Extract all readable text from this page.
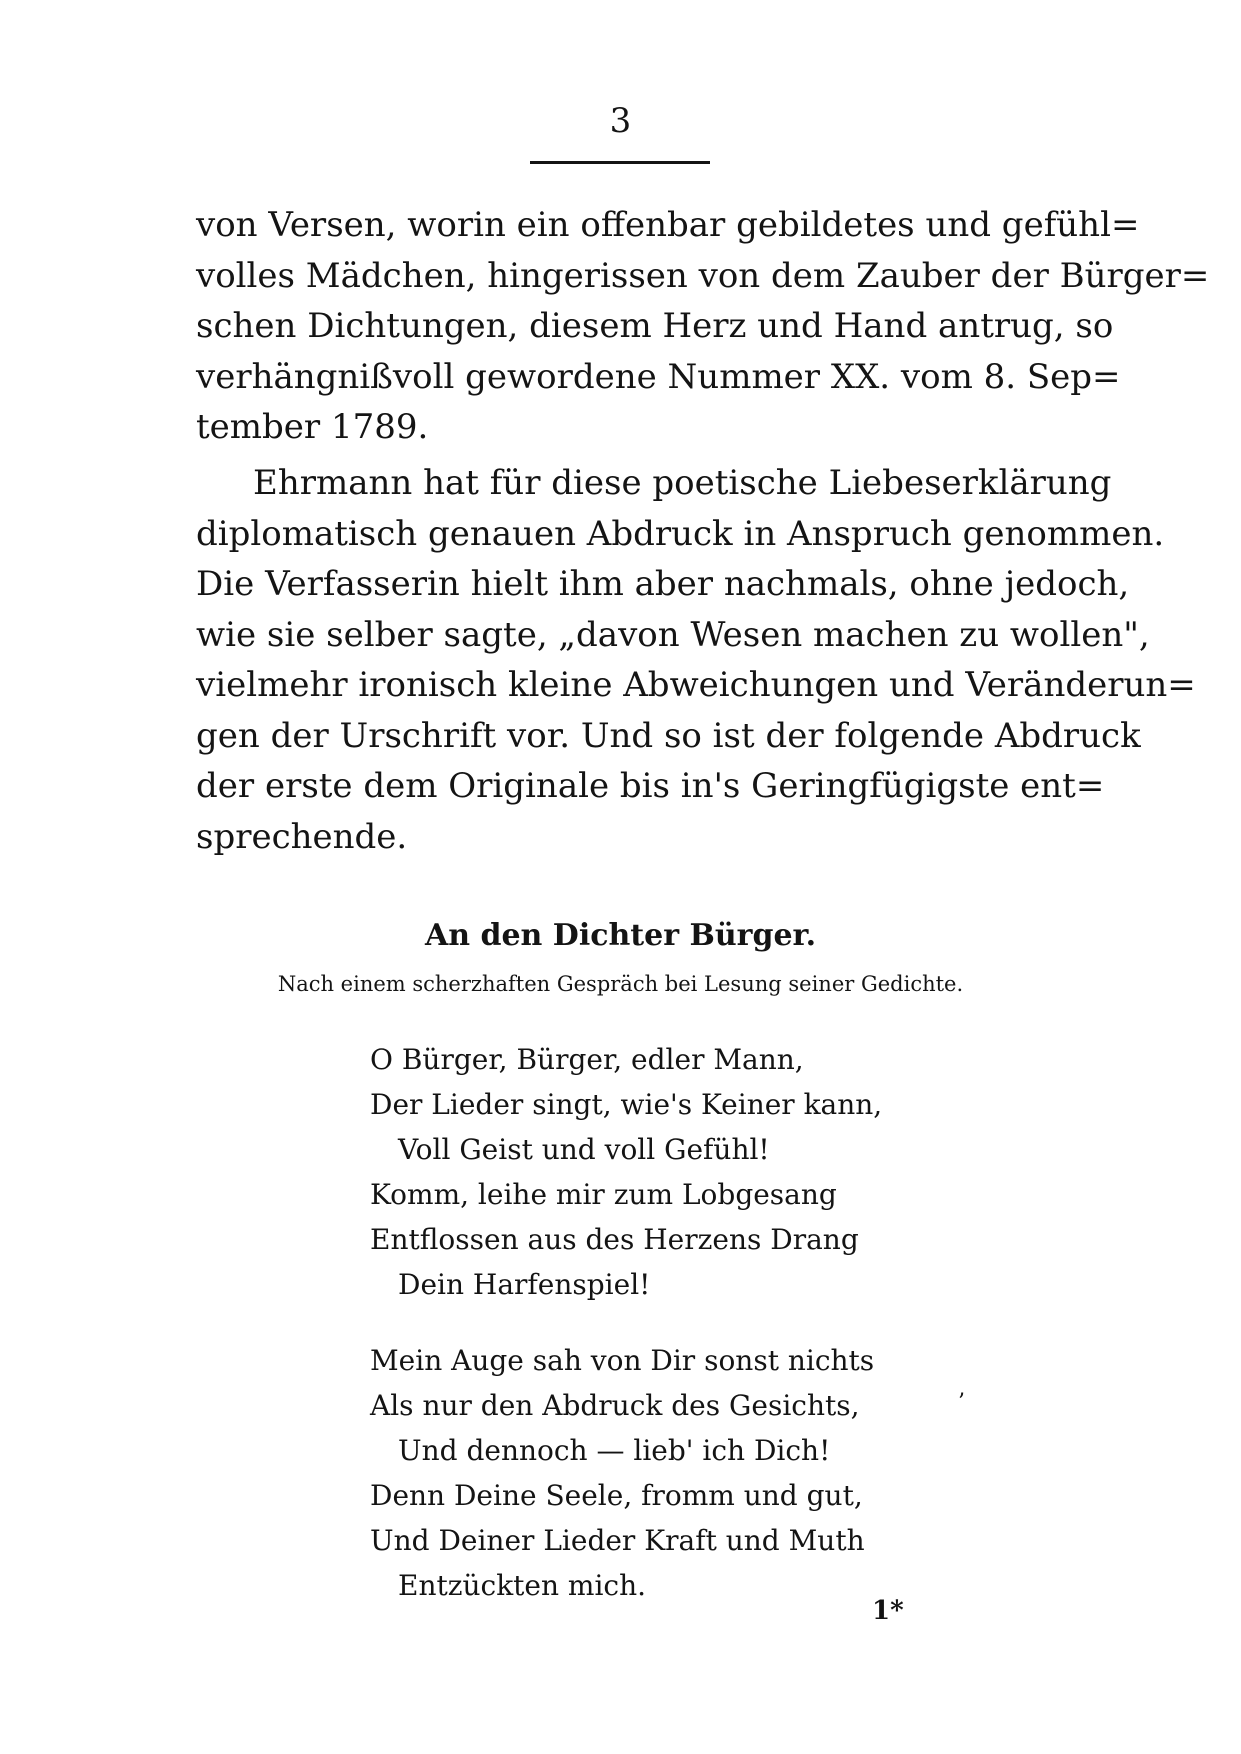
3

von Versen, worin ein offenbar gebildetes und gefühl=
volles Mädchen, hingerissen von dem Zauber der Bürger=
schen Dichtungen, diesem Herz und Hand antrug, so
verhängnißvoll gewordene Nummer XX. vom 8. Sep=
tember 1789.

Ehrmann hat für diese poetische Liebeserklärung
diplomatisch genauen Abdruck in Anspruch genommen.
Die Verfasserin hielt ihm aber nachmals, ohne jedoch,
wie sie selber sagte, „davon Wesen machen zu wollen",
vielmehr ironisch kleine Abweichungen und Veränderun=
gen der Urschrift vor. Und so ist der folgende Abdruck
der erste dem Originale bis in's Geringfügigste ent=
sprechende.

An den Dichter Bürger.
Nach einem scherzhaften Gespräch bei Lesung seiner Gedichte.
O Bürger, Bürger, edler Mann,
Der Lieder singt, wie's Keiner kann,
Voll Geist und voll Gefühl!
Komm, leihe mir zum Lobgesang
Entflossen aus des Herzens Drang
Dein Harfenspiel!
Mein Auge sah von Dir sonst nichts
Als nur den Abdruck des Gesichts,
Und dennoch — lieb' ich Dich!
Denn Deine Seele, fromm und gut,
Und Deiner Lieder Kraft und Muth
Entzückten mich.
’
1*
